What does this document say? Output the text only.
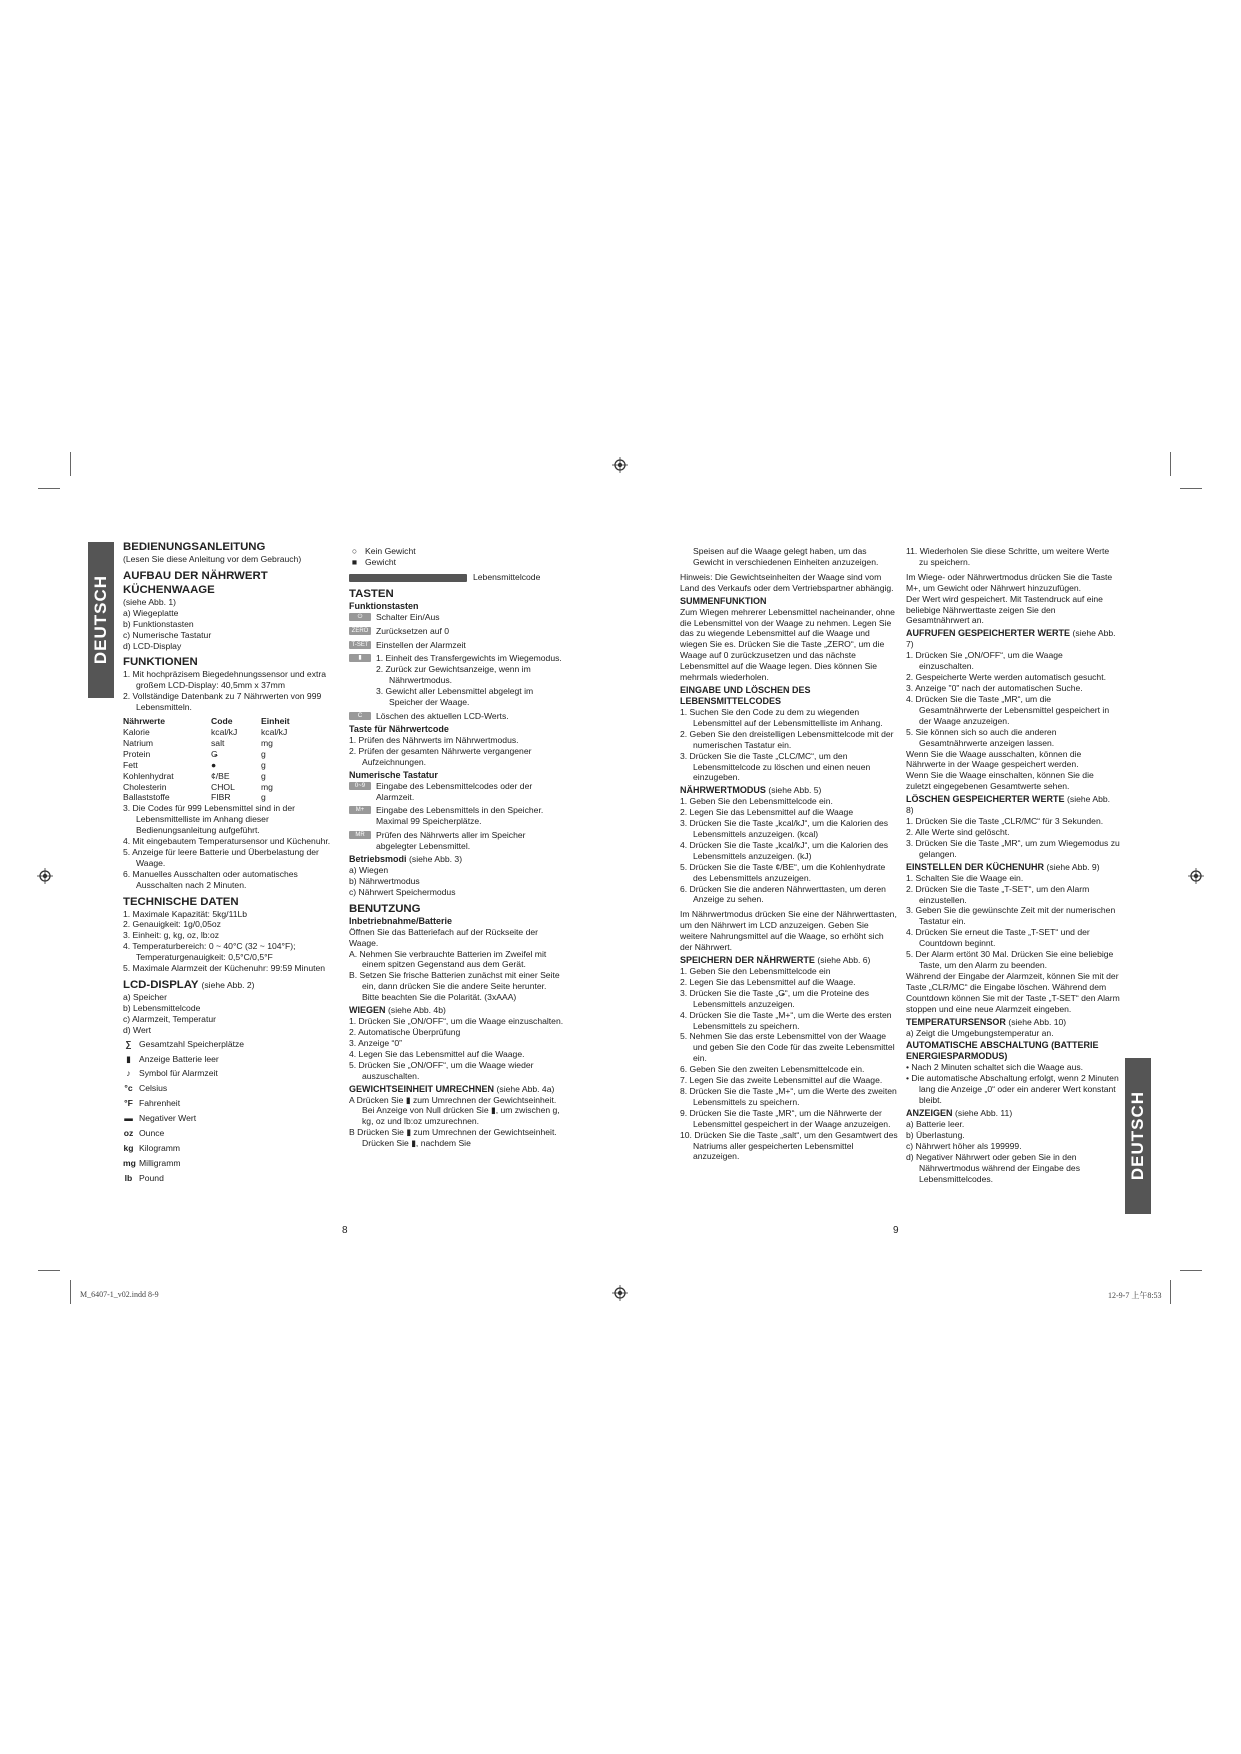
M_6407-1_v02.indd 8-9	12-9-7 上午8:53
DEUTSCH
DEUTSCH
8	9

BEDIENUNGSANLEITUNG

(Lesen Sie diese Anleitung vor dem Gebrauch)

AUFBAU DER NÄHRWERT KÜCHENWAAGE

(siehe Abb. 1)

a) Wiegeplatte

b) Funktionstasten

c) Numerische Tastatur

d) LCD-Display

FUNKTIONEN

1. Mit hochpräzisem Biegedehnungssensor und extra großem LCD-Display: 40,5mm x 37mm

2. Vollständige Datenbank zu 7 Nährwerten von 999 Lebensmitteln.

Nährwerte	Code	Einheit
Kalorie	kcal/kJ	kcal/kJ
Natrium	salt	mg
Protein	Ǥ	g
Fett	●	g
Kohlenhydrat	¢/BE	g
Cholesterin	CHOL	mg
Ballaststoffe	FIBR	g

3. Die Codes für 999 Lebensmittel sind in der Lebensmittelliste im Anhang dieser Bedienungsanleitung aufgeführt.

4. Mit eingebautem Temperatursensor und Küchenuhr.

5. Anzeige für leere Batterie und Überbelastung der Waage.

6. Manuelles Ausschalten oder automatisches Ausschalten nach 2 Minuten.

TECHNISCHE DATEN

1. Maximale Kapazität: 5kg/11Lb

2. Genauigkeit: 1g/0,05oz

3. Einheit: g, kg, oz, lb:oz

4. Temperaturbereich: 0 ~ 40°C (32 ~ 104°F); Temperaturgenauigkeit: 0,5°C/0,5°F

5. Maximale Alarmzeit der Küchenuhr: 99:59 Minuten

LCD-DISPLAY (siehe Abb. 2)

a) Speicher

b) Lebensmittelcode

c) Alarmzeit, Temperatur

d) Wert

∑ Gesamtzahl Speicherplätze
▮ Anzeige Batterie leer
♪ Symbol für Alarmzeit
°c Celsius
°F Fahrenheit
▬ Negativer Wert
oz Ounce
kg Kilogramm
mg Milligramm
lb Pound
○ Kein Gewicht
■ Gewicht

Lebensmittelcode

TASTEN

Funktionstasten

⏻	Schalter Ein/Aus
ZERO Zurücksetzen auf 0
T-SET Einstellen der Alarmzeit
▮	1. Einheit des Transfergewichts im Wiegemodus.

2. Zurück zur Gewichtsanzeige, wenn im Nährwertmodus.

3. Gewicht aller Lebensmittel abgelegt im Speicher der Waage.

C	Löschen des aktuellen LCD-Werts.

Taste für Nährwertcode

1. Prüfen des Nährwerts im Nährwertmodus.

2. Prüfen der gesamten Nährwerte vergangener Aufzeichnungen.

Numerische Tastatur

0~9	Eingabe des Lebensmittelcodes oder der Alarmzeit.
M+	Eingabe des Lebensmittels in den Speicher. Maximal 99 Speicherplätze.
MR	Prüfen des Nährwerts aller im Speicher abgelegter Lebensmittel.

Betriebsmodi (siehe Abb. 3)

a) Wiegen

b) Nährwertmodus

c) Nährwert Speichermodus

BENUTZUNG

Inbetriebnahme/Batterie

Öffnen Sie das Batteriefach auf der Rückseite der Waage.

A. Nehmen Sie verbrauchte Batterien im Zweifel mit einem spitzen Gegenstand aus dem Gerät.

B. Setzen Sie frische Batterien zunächst mit einer Seite ein, dann drücken Sie die andere Seite herunter. Bitte beachten Sie die Polarität. (3xAAA)

WIEGEN (siehe Abb. 4b)

1. Drücken Sie „ON/OFF“, um die Waage einzuschalten.

2. Automatische Überprüfung

3. Anzeige “0”

4. Legen Sie das Lebensmittel auf die Waage.

5. Drücken Sie „ON/OFF“, um die Waage wieder auszuschalten.

GEWICHTSEINHEIT UMRECHNEN (siehe Abb. 4a)

A Drücken Sie ▮ zum Umrechnen der Gewichtseinheit. Bei Anzeige von Null drücken Sie ▮, um zwischen g, kg, oz und lb:oz umzurechnen.

B Drücken Sie ▮ zum Umrechnen der Gewichtseinheit. Drücken Sie ▮, nachdem Sie

Speisen auf die Waage gelegt haben, um das Gewicht in verschiedenen Einheiten anzuzeigen.

Hinweis: Die Gewichtseinheiten der Waage sind vom Land des Verkaufs oder dem Vertriebspartner abhängig.

SUMMENFUNKTION

Zum Wiegen mehrerer Lebensmittel nacheinander, ohne die Lebensmittel von der Waage zu nehmen. Legen Sie das zu wiegende Lebensmittel auf die Waage und wiegen Sie es. Drücken Sie die Taste „ZERO“, um die Waage auf 0 zurückzusetzen und das nächste Lebensmittel auf die Waage legen. Dies können Sie mehrmals wiederholen.

EINGABE UND LÖSCHEN DES LEBENSMITTELCODES

1. Suchen Sie den Code zu dem zu wiegenden Lebensmittel auf der Lebensmittelliste im Anhang.

2. Geben Sie den dreistelligen Lebensmittelcode mit der numerischen Tastatur ein.

3. Drücken Sie die Taste „CLC/MC“, um den Lebensmittelcode zu löschen und einen neuen einzugeben.

NÄHRWERTMODUS (siehe Abb. 5)

1. Geben Sie den Lebensmittelcode ein.

2. Legen Sie das Lebensmittel auf die Waage

3. Drücken Sie die Taste „kcal/kJ“, um die Kalorien des Lebensmittels anzuzeigen. (kcal)

4. Drücken Sie die Taste „kcal/kJ“, um die Kalorien des Lebensmittels anzuzeigen. (kJ)

5. Drücken Sie die Taste ¢/BE“, um die Kohlenhydrate des Lebensmittels anzuzeigen.

6. Drücken Sie die anderen Nährwerttasten, um deren Anzeige zu sehen.

Im Nährwertmodus drücken Sie eine der Nährwerttasten, um den Nährwert im LCD anzuzeigen. Geben Sie weitere Nahrungsmittel auf die Waage, so erhöht sich der Nährwert.

SPEICHERN DER NÄHRWERTE (siehe Abb. 6)

1. Geben Sie den Lebensmittelcode ein

2. Legen Sie das Lebensmittel auf die Waage.

3. Drücken Sie die Taste „Ǥ“, um die Proteine des Lebensmittels anzuzeigen.

4. Drücken Sie die Taste „M+“, um die Werte des ersten Lebensmittels zu speichern.

5. Nehmen Sie das erste Lebensmittel von der Waage und geben Sie den Code für das zweite Lebensmittel ein.

6. Geben Sie den zweiten Lebensmittelcode ein.

7. Legen Sie das zweite Lebensmittel auf die Waage.

8. Drücken Sie die Taste „M+“, um die Werte des zweiten Lebensmittels zu speichern.

9. Drücken Sie die Taste „MR“, um die Nährwerte der Lebensmittel gespeichert in der Waage anzuzeigen.

10. Drücken Sie die Taste „salt“, um den Gesamtwert des Natriums aller gespeicherten Lebensmittel anzuzeigen.

11. Wiederholen Sie diese Schritte, um weitere Werte zu speichern.

Im Wiege- oder Nährwertmodus drücken Sie die Taste M+, um Gewicht oder Nährwert hinzuzufügen.

Der Wert wird gespeichert. Mit Tastendruck auf eine beliebige Nährwerttaste zeigen Sie den Gesamtnährwert an.

AUFRUFEN GESPEICHERTER WERTE (siehe Abb. 7)

1. Drücken Sie „ON/OFF“, um die Waage einzuschalten.

2. Gespeicherte Werte werden automatisch gesucht.

3. Anzeige "0" nach der automatischen Suche.

4. Drücken Sie die Taste „MR“, um die Gesamtnährwerte der Lebensmittel gespeichert in der Waage anzuzeigen.

5. Sie können sich so auch die anderen Gesamtnährwerte anzeigen lassen.

Wenn Sie die Waage ausschalten, können die Nährwerte in der Waage gespeichert werden.

Wenn Sie die Waage einschalten, können Sie die zuletzt eingegebenen Gesamtwerte sehen.

LÖSCHEN GESPEICHERTER WERTE (siehe Abb. 8)

1. Drücken Sie die Taste „CLR/MC“ für 3 Sekunden.

2. Alle Werte sind gelöscht.

3. Drücken Sie die Taste „MR“, um zum Wiegemodus zu gelangen.

EINSTELLEN DER KÜCHENUHR (siehe Abb. 9)

1. Schalten Sie die Waage ein.

2. Drücken Sie die Taste „T-SET“, um den Alarm einzustellen.

3. Geben Sie die gewünschte Zeit mit der numerischen Tastatur ein.

4. Drücken Sie erneut die Taste „T-SET“ und der Countdown beginnt.

5. Der Alarm ertönt 30 Mal. Drücken Sie eine beliebige Taste, um den Alarm zu beenden.

Während der Eingabe der Alarmzeit, können Sie mit der Taste „CLR/MC“ die Eingabe löschen. Während dem Countdown können Sie mit der Taste „T-SET“ den Alarm stoppen und eine neue Alarmzeit eingeben.

TEMPERATURSENSOR (siehe Abb. 10)

a) Zeigt die Umgebungstemperatur an.

AUTOMATISCHE ABSCHALTUNG (BATTERIE ENERGIESPARMODUS)

• Nach 2 Minuten schaltet sich die Waage aus.

• Die automatische Abschaltung erfolgt, wenn 2 Minuten lang die Anzeige „0“ oder ein anderer Wert konstant bleibt.

ANZEIGEN (siehe Abb. 11)

a) Batterie leer.

b) Überlastung.

c) Nährwert höher als 199999.

d) Negativer Nährwert oder geben Sie in den Nährwertmodus während der Eingabe des Lebensmittelcodes.
